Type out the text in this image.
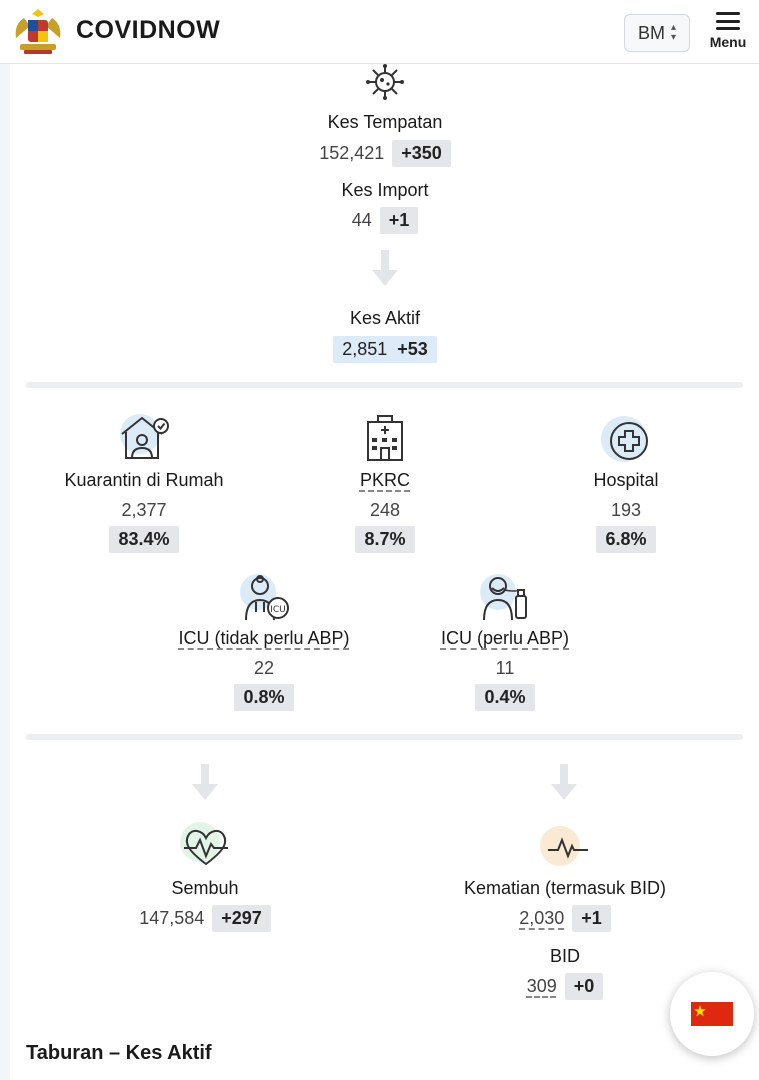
COVIDNOW	BM ▴
▾	Menu
Kes Tempatan
152,421 +350
Kes Import
44 +1
Kes Aktif
2,851 +53
Kuarantin di Rumah
2,377
83.4%
PKRC
248
8.7%
Hospital
193
6.8%
ICU
ICU (tidak perlu ABP)
22
0.8%
ICU (perlu ABP)
11
0.4%
Sembuh
147,584 +297
Kematian (termasuk BID)
2,030 +1
BID
309 +0
Taburan – Kes Aktif
